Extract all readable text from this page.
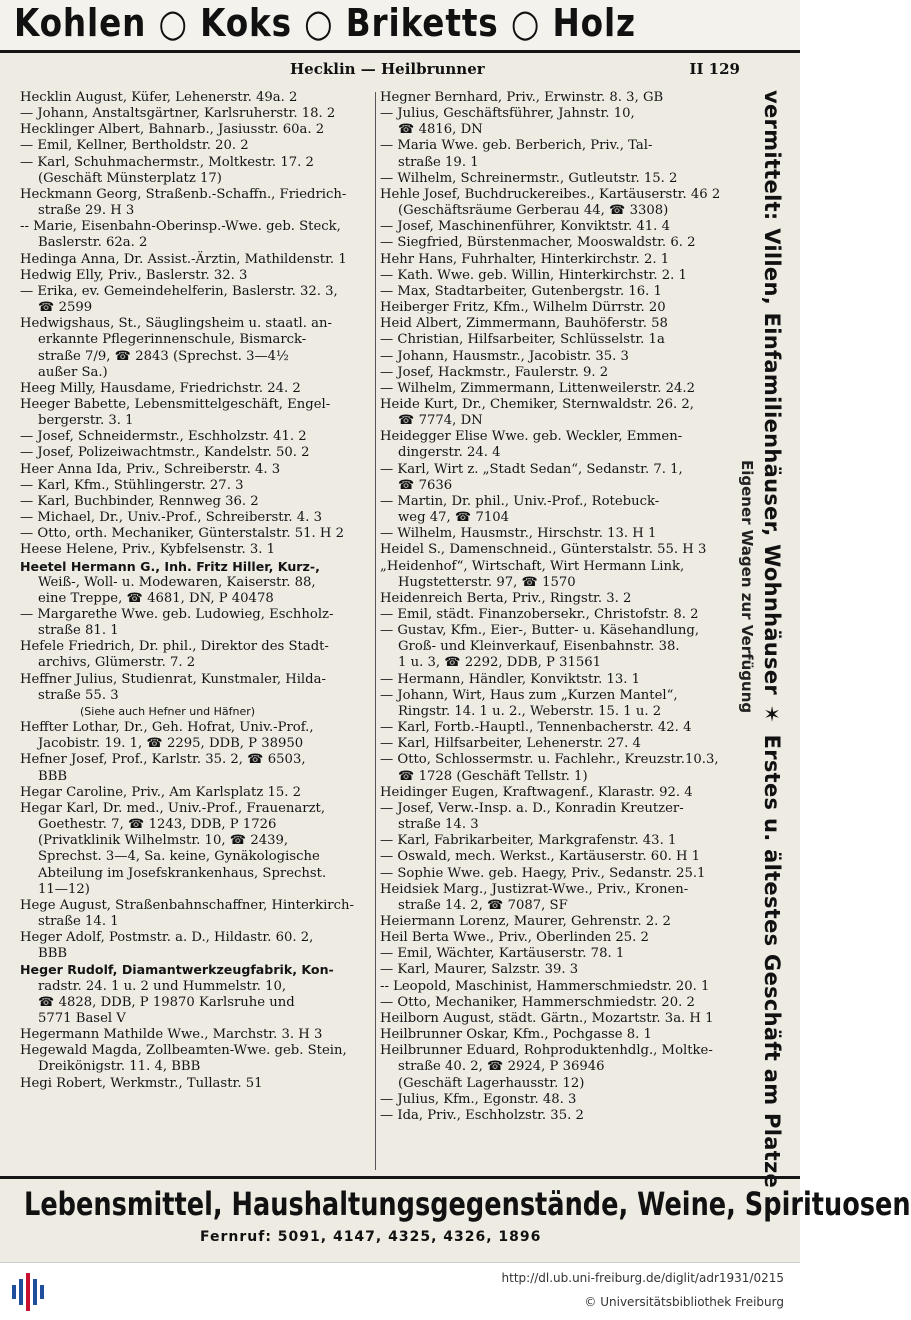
Kohlen ○ Koks ○ Briketts ○ Holz
Hecklin — Heilbrunner	II 129

Hecklin August, Küfer, Lehenerstr. 49a. 2

— Johann, Anstaltsgärtner, Karlsruherstr. 18. 2

Hecklinger Albert, Bahnarb., Jasiusstr. 60a. 2

— Emil, Kellner, Bertholdstr. 20. 2

— Karl, Schuhmachermstr., Moltkestr. 17. 2

(Geschäft Münsterplatz 17)

Heckmann Georg, Straßenb.-Schaffn., Friedrich-

straße 29. H 3

-- Marie, Eisenbahn-Oberinsp.-Wwe. geb. Steck,

Baslerstr. 62a. 2

Hedinga Anna, Dr. Assist.-Ärztin, Mathildenstr. 1

Hedwig Elly, Priv., Baslerstr. 32. 3

— Erika, ev. Gemeindehelferin, Baslerstr. 32. 3,

☎ 2599

Hedwigshaus, St., Säuglingsheim u. staatl. an-

erkannte Pflegerinnenschule, Bismarck-

straße 7/9, ☎ 2843 (Sprechst. 3—4½

außer Sa.)

Heeg Milly, Hausdame, Friedrichstr. 24. 2

Heeger Babette, Lebensmittelgeschäft, Engel-

bergerstr. 3. 1

— Josef, Schneidermstr., Eschholzstr. 41. 2

— Josef, Polizeiwachtmstr., Kandelstr. 50. 2

Heer Anna Ida, Priv., Schreiberstr. 4. 3

— Karl, Kfm., Stühlingerstr. 27. 3

— Karl, Buchbinder, Rennweg 36. 2

— Michael, Dr., Univ.-Prof., Schreiberstr. 4. 3

— Otto, orth. Mechaniker, Günterstalstr. 51. H 2

Heese Helene, Priv., Kybfelsenstr. 3. 1

Heetel Hermann G., Inh. Fritz Hiller, Kurz-,

Weiß-, Woll- u. Modewaren, Kaiserstr. 88,

eine Treppe, ☎ 4681, DN, P 40478

— Margarethe Wwe. geb. Ludowieg, Eschholz-

straße 81. 1

Hefele Friedrich, Dr. phil., Direktor des Stadt-

archivs, Glümerstr. 7. 2

Heffner Julius, Studienrat, Kunstmaler, Hilda-

straße 55. 3

(Siehe auch Hefner und Häfner)

Heffter Lothar, Dr., Geh. Hofrat, Univ.-Prof.,

Jacobistr. 19. 1, ☎ 2295, DDB, P 38950

Hefner Josef, Prof., Karlstr. 35. 2, ☎ 6503,

BBB

Hegar Caroline, Priv., Am Karlsplatz 15. 2

Hegar Karl, Dr. med., Univ.-Prof., Frauenarzt,

Goethestr. 7, ☎ 1243, DDB, P 1726

(Privatklinik Wilhelmstr. 10, ☎ 2439,

Sprechst. 3—4, Sa. keine, Gynäkologische

Abteilung im Josefskrankenhaus, Sprechst.

11—12)

Hege August, Straßenbahnschaffner, Hinterkirch-

straße 14. 1

Heger Adolf, Postmstr. a. D., Hildastr. 60. 2,

BBB

Heger Rudolf, Diamantwerkzeugfabrik, Kon-

radstr. 24. 1 u. 2 und Hummelstr. 10,

☎ 4828, DDB, P 19870 Karlsruhe und

5771 Basel V

Hegermann Mathilde Wwe., Marchstr. 3. H 3

Hegewald Magda, Zollbeamten-Wwe. geb. Stein,

Dreikönigstr. 11. 4, BBB

Hegi Robert, Werkmstr., Tullastr. 51

Hegner Bernhard, Priv., Erwinstr. 8. 3, GB

— Julius, Geschäftsführer, Jahnstr. 10,

☎ 4816, DN

— Maria Wwe. geb. Berberich, Priv., Tal-

straße 19. 1

— Wilhelm, Schreinermstr., Gutleutstr. 15. 2

Hehle Josef, Buchdruckereibes., Kartäuserstr. 46 2

(Geschäftsräume Gerberau 44, ☎ 3308)

— Josef, Maschinenführer, Konviktstr. 41. 4

— Siegfried, Bürstenmacher, Mooswaldstr. 6. 2

Hehr Hans, Fuhrhalter, Hinterkirchstr. 2. 1

— Kath. Wwe. geb. Willin, Hinterkirchstr. 2. 1

— Max, Stadtarbeiter, Gutenbergstr. 16. 1

Heiberger Fritz, Kfm., Wilhelm Dürrstr. 20

Heid Albert, Zimmermann, Bauhöferstr. 58

— Christian, Hilfsarbeiter, Schlüsselstr. 1a

— Johann, Hausmstr., Jacobistr. 35. 3

— Josef, Hackmstr., Faulerstr. 9. 2

— Wilhelm, Zimmermann, Littenweilerstr. 24.2

Heide Kurt, Dr., Chemiker, Sternwaldstr. 26. 2,

☎ 7774, DN

Heidegger Elise Wwe. geb. Weckler, Emmen-

dingerstr. 24. 4

— Karl, Wirt z. „Stadt Sedan“, Sedanstr. 7. 1,

☎ 7636

— Martin, Dr. phil., Univ.-Prof., Rotebuck-

weg 47, ☎ 7104

— Wilhelm, Hausmstr., Hirschstr. 13. H 1

Heidel S., Damenschneid., Günterstalstr. 55. H 3

„Heidenhof“, Wirtschaft, Wirt Hermann Link,

Hugstetterstr. 97, ☎ 1570

Heidenreich Berta, Priv., Ringstr. 3. 2

— Emil, städt. Finanzobersekr., Christofstr. 8. 2

— Gustav, Kfm., Eier-, Butter- u. Käsehandlung,

Groß- und Kleinverkauf, Eisenbahnstr. 38.

1 u. 3, ☎ 2292, DDB, P 31561

— Hermann, Händler, Konviktstr. 13. 1

— Johann, Wirt, Haus zum „Kurzen Mantel“,

Ringstr. 14. 1 u. 2., Weberstr. 15. 1 u. 2

— Karl, Fortb.-Hauptl., Tennenbacherstr. 42. 4

— Karl, Hilfsarbeiter, Lehenerstr. 27. 4

— Otto, Schlossermstr. u. Fachlehr., Kreuzstr.10.3,

☎ 1728 (Geschäft Tellstr. 1)

Heidinger Eugen, Kraftwagenf., Klarastr. 92. 4

— Josef, Verw.-Insp. a. D., Konradin Kreutzer-

straße 14. 3

— Karl, Fabrikarbeiter, Markgrafenstr. 43. 1

— Oswald, mech. Werkst., Kartäuserstr. 60. H 1

— Sophie Wwe. geb. Haegy, Priv., Sedanstr. 25.1

Heidsiek Marg., Justizrat-Wwe., Priv., Kronen-

straße 14. 2, ☎ 7087, SF

Heiermann Lorenz, Maurer, Gehrenstr. 2. 2

Heil Berta Wwe., Priv., Oberlinden 25. 2

— Emil, Wächter, Kartäuserstr. 78. 1

— Karl, Maurer, Salzstr. 39. 3

-- Leopold, Maschinist, Hammerschmiedstr. 20. 1

— Otto, Mechaniker, Hammerschmiedstr. 20. 2

Heilborn August, städt. Gärtn., Mozartstr. 3a. H 1

Heilbrunner Oskar, Kfm., Pochgasse 8. 1

Heilbrunner Eduard, Rohproduktenhdlg., Moltke-

straße 40. 2, ☎ 2924, P 36946

(Geschäft Lagerhausstr. 12)

— Julius, Kfm., Egonstr. 48. 3

— Ida, Priv., Eschholzstr. 35. 2	vermittelt: Villen, Einfamilienhäuser, Wohnhäuser ✶ Erstes u. ältestes Geschäft am Platze
Eigener Wagen zur Verfügung
Lebensmittel, Haushaltungsgegenstände, Weine, Spirituosen
Fernruf: 5091, 4147, 4325, 4326, 1896
http://dl.ub.uni-freiburg.de/diglit/adr1931/0215
© Universitätsbibliothek Freiburg
